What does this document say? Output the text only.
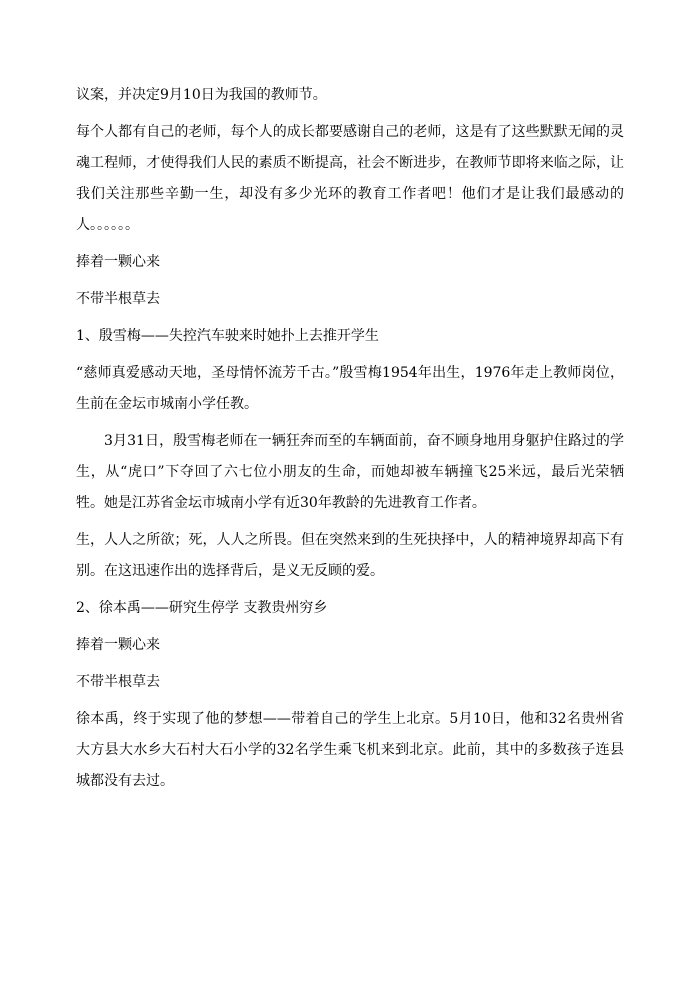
议案，并决定9月10日为我国的教师节。

每个人都有自己的老师，每个人的成长都要感谢自己的老师，这是有了这些默默无闻的灵魂工程师，才使得我们人民的素质不断提高，社会不断进步，在教师节即将来临之际，让我们关注那些辛勤一生，却没有多少光环的教育工作者吧！他们才是让我们最感动的人。。。。。。

捧着一颗心来

不带半根草去

1、殷雪梅——失控汽车驶来时她扑上去推开学生

“慈师真爱感动天地，圣母情怀流芳千古。”殷雪梅1954年出生，1976年走上教师岗位，生前在金坛市城南小学任教。

3月31日，殷雪梅老师在一辆狂奔而至的车辆面前，奋不顾身地用身躯护住路过的学生，从“虎口”下夺回了六七位小朋友的生命，而她却被车辆撞飞25米远，最后光荣牺牲。她是江苏省金坛市城南小学有近30年教龄的先进教育工作者。

生，人人之所欲；死，人人之所畏。但在突然来到的生死抉择中，人的精神境界却高下有别。在这迅速作出的选择背后，是义无反顾的爱。

2、徐本禹——研究生停学 支教贵州穷乡

捧着一颗心来

不带半根草去

徐本禹，终于实现了他的梦想——带着自己的学生上北京。5月10日，他和32名贵州省大方县大水乡大石村大石小学的32名学生乘飞机来到北京。此前，其中的多数孩子连县城都没有去过。
